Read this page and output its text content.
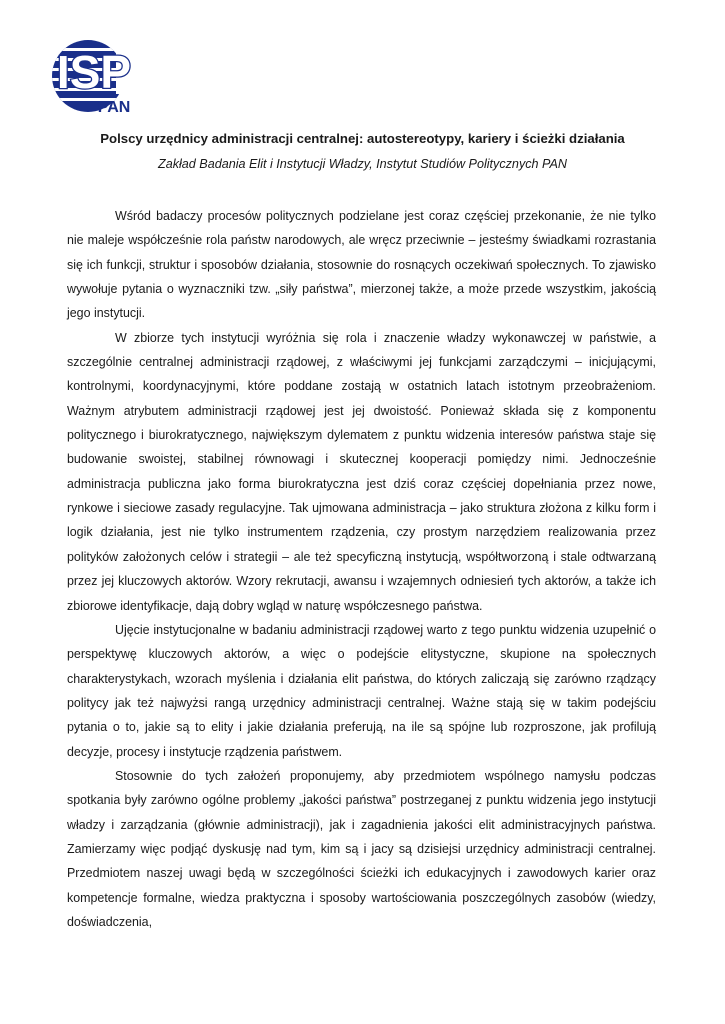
ISP
PAN
Polscy urzędnicy administracji centralnej: autostereotypy, kariery i ścieżki działania
Zakład Badania Elit i Instytucji Władzy, Instytut Studiów Politycznych PAN

Wśród badaczy procesów politycznych podzielane jest coraz częściej przekonanie, że nie tylko nie maleje współcześnie rola państw narodowych, ale wręcz przeciwnie – jesteśmy świadkami rozrastania się ich funkcji, struktur i sposobów działania, stosownie do rosnących oczekiwań społecznych. To zjawisko wywołuje pytania o wyznaczniki tzw. „siły państwa”, mierzonej także, a może przede wszystkim, jakością jego instytucji.

W zbiorze tych instytucji wyróżnia się rola i znaczenie władzy wykonawczej w państwie, a szczególnie centralnej administracji rządowej, z właściwymi jej funkcjami zarządczymi – inicjującymi, kontrolnymi, koordynacyjnymi, które poddane zostają w ostatnich latach istotnym przeobrażeniom. Ważnym atrybutem administracji rządowej jest jej dwoistość. Ponieważ składa się z komponentu politycznego i biurokratycznego, największym dylematem z punktu widzenia interesów państwa staje się budowanie swoistej, stabilnej równowagi i skutecznej kooperacji pomiędzy nimi. Jednocześnie administracja publiczna jako forma biurokratyczna jest dziś coraz częściej dopełniania przez nowe, rynkowe i sieciowe zasady regulacyjne. Tak ujmowana administracja – jako struktura złożona z kilku form i logik działania, jest nie tylko instrumentem rządzenia, czy prostym narzędziem realizowania przez polityków założonych celów i strategii – ale też specyficzną instytucją, współtworzoną i stale odtwarzaną przez jej kluczowych aktorów. Wzory rekrutacji, awansu i wzajemnych odniesień tych aktorów, a także ich zbiorowe identyfikacje, dają dobry wgląd w naturę współczesnego państwa.

Ujęcie instytucjonalne w badaniu administracji rządowej warto z tego punktu widzenia uzupełnić o perspektywę kluczowych aktorów, a więc o podejście elitystyczne, skupione na społecznych charakterystykach, wzorach myślenia i działania elit państwa, do których zaliczają się zarówno rządzący politycy jak też najwyżsi rangą urzędnicy administracji centralnej. Ważne stają się w takim podejściu pytania o to, jakie są to elity i jakie działania preferują, na ile są spójne lub rozproszone, jak profilują decyzje, procesy i instytucje rządzenia państwem.

Stosownie do tych założeń proponujemy, aby przedmiotem wspólnego namysłu podczas spotkania były zarówno ogólne problemy „jakości państwa” postrzeganej z punktu widzenia jego instytucji władzy i zarządzania (głównie administracji), jak i zagadnienia jakości elit administracyjnych państwa. Zamierzamy więc podjąć dyskusję nad tym, kim są i jacy są dzisiejsi urzędnicy administracji centralnej. Przedmiotem naszej uwagi będą w szczególności ścieżki ich edukacyjnych i zawodowych karier oraz kompetencje formalne, wiedza praktyczna i sposoby wartościowania poszczególnych zasobów (wiedzy, doświadczenia,
